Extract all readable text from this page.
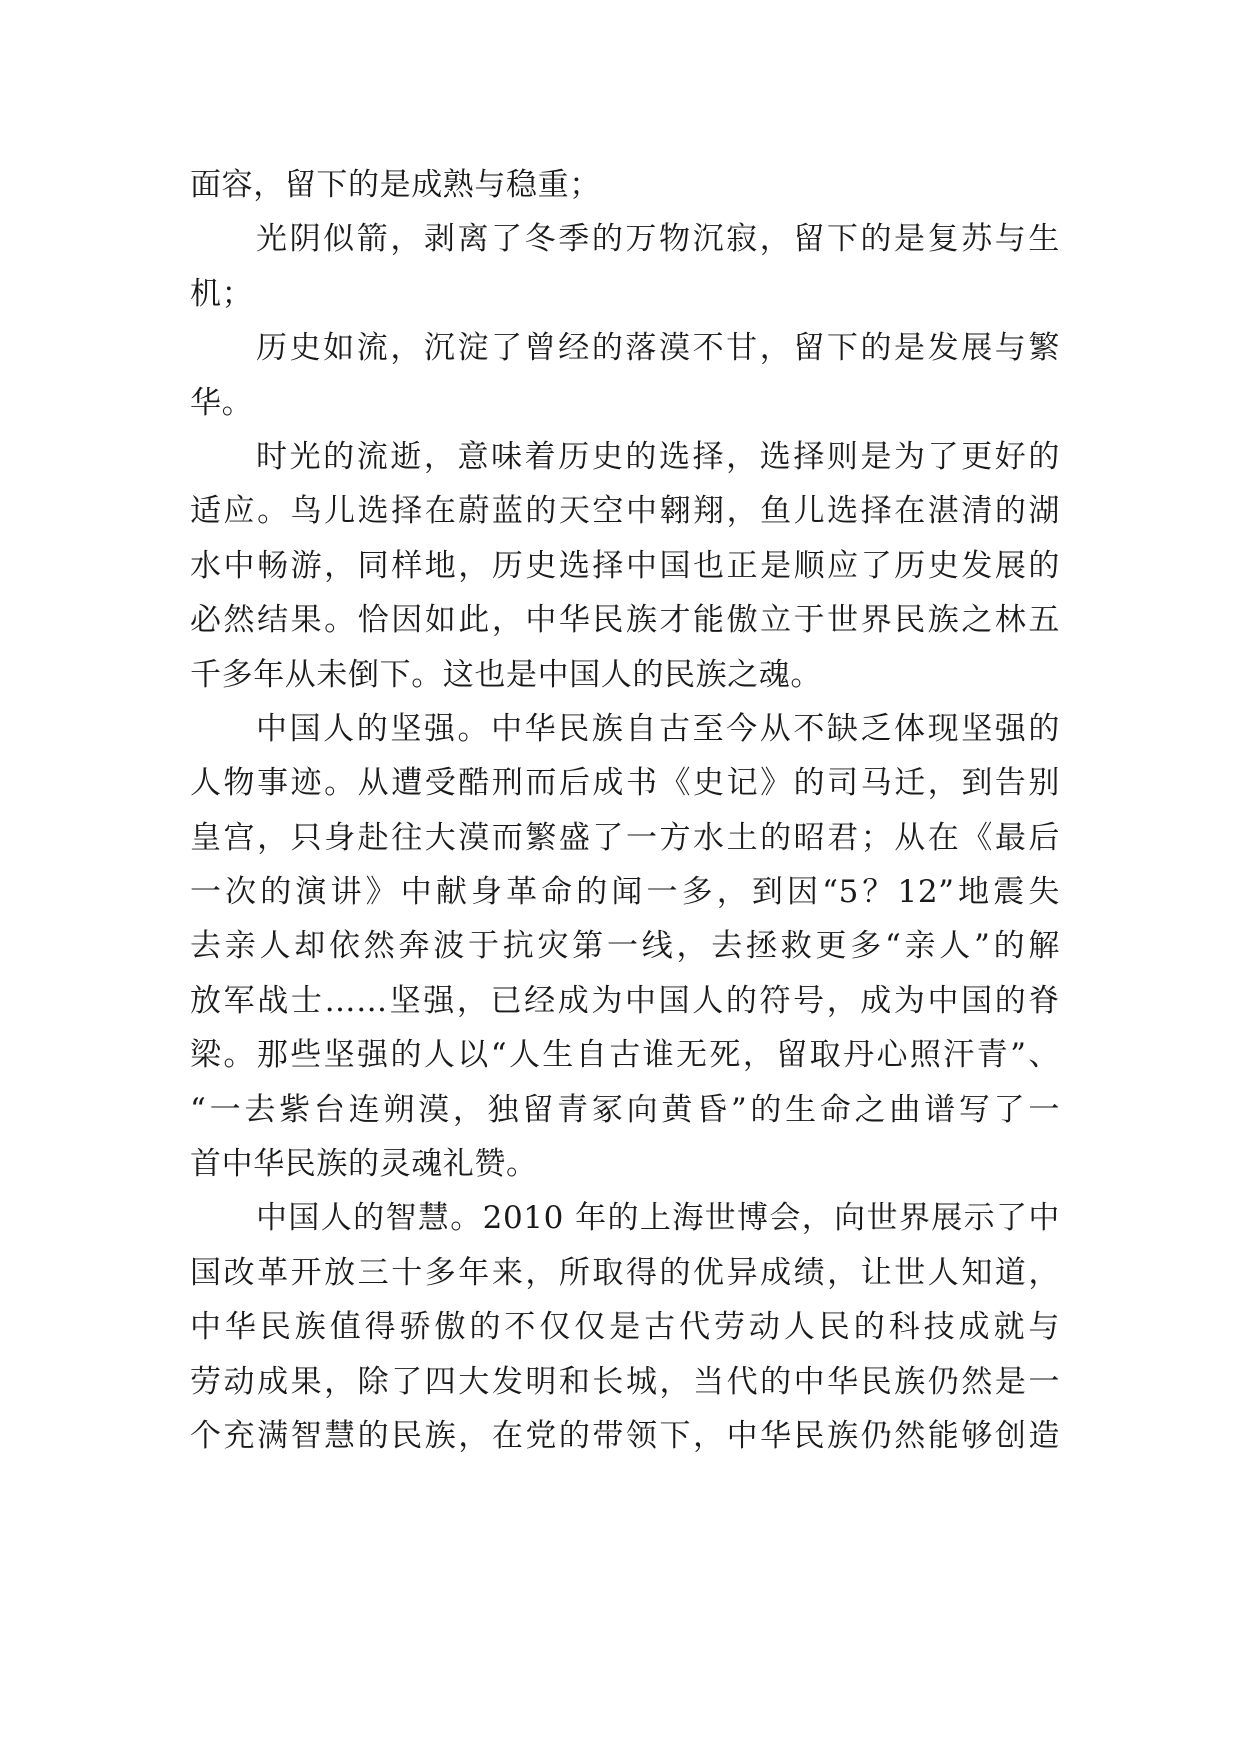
面容，留下的是成熟与稳重；
光阴似箭，剥离了冬季的万物沉寂，留下的是复苏与生
机；
历史如流，沉淀了曾经的落漠不甘，留下的是发展与繁
华。
时光的流逝，意味着历史的选择，选择则是为了更好的
适应。鸟儿选择在蔚蓝的天空中翱翔，鱼儿选择在湛清的湖
水中畅游，同样地，历史选择中国也正是顺应了历史发展的
必然结果。恰因如此，中华民族才能傲立于世界民族之林五
千多年从未倒下。这也是中国人的民族之魂。
中国人的坚强。中华民族自古至今从不缺乏体现坚强的
人物事迹。从遭受酷刑而后成书《史记》的司马迁，到告别
皇宫，只身赴往大漠而繁盛了一方水土的昭君；从在《最后
一次的演讲》中献身革命的闻一多，到因“5？12”地震失
去亲人却依然奔波于抗灾第一线，去拯救更多“亲人”的解
放军战士……坚强，已经成为中国人的符号，成为中国的脊
梁。那些坚强的人以“人生自古谁无死，留取丹心照汗青”、
“一去紫台连朔漠，独留青冢向黄昏”的生命之曲谱写了一
首中华民族的灵魂礼赞。
中国人的智慧。2010 年的上海世博会，向世界展示了中
国改革开放三十多年来，所取得的优异成绩，让世人知道，
中华民族值得骄傲的不仅仅是古代劳动人民的科技成就与
劳动成果，除了四大发明和长城，当代的中华民族仍然是一
个充满智慧的民族，在党的带领下，中华民族仍然能够创造
